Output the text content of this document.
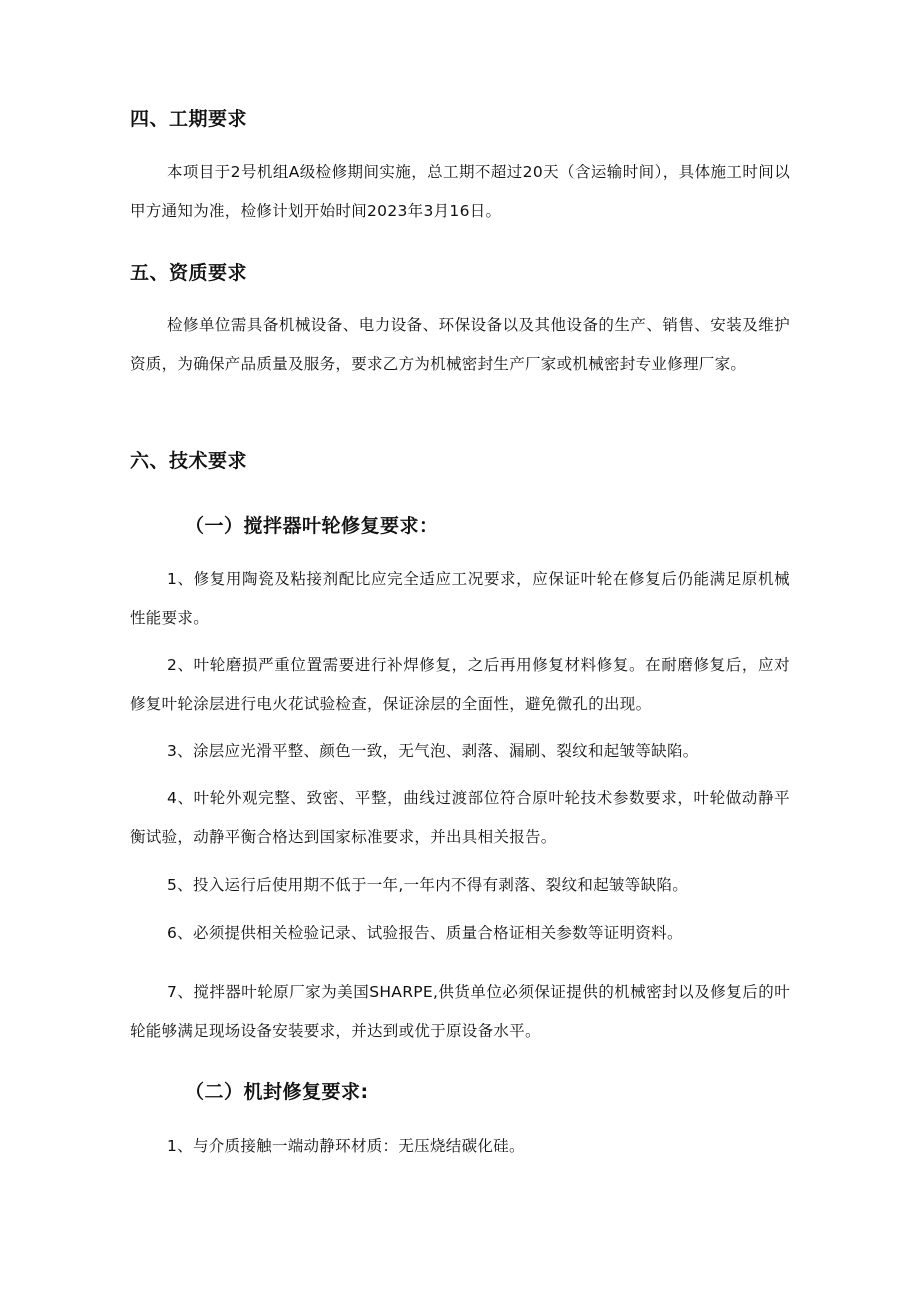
四、工期要求
本项目于2号机组A级检修期间实施，总工期不超过20天（含运输时间），具体施工时间以甲方通知为准，检修计划开始时间2023年3月16日。
五、资质要求
检修单位需具备机械设备、电力设备、环保设备以及其他设备的生产、销售、安装及维护资质，为确保产品质量及服务，要求乙方为机械密封生产厂家或机械密封专业修理厂家。
六、技术要求
（一）搅拌器叶轮修复要求：
1、修复用陶瓷及粘接剂配比应完全适应工况要求，应保证叶轮在修复后仍能满足原机械性能要求。
2、叶轮磨损严重位置需要进行补焊修复，之后再用修复材料修复。在耐磨修复后，应对修复叶轮涂层进行电火花试验检查，保证涂层的全面性，避免微孔的出现。
3、涂层应光滑平整、颜色一致，无气泡、剥落、漏刷、裂纹和起皱等缺陷。
4、叶轮外观完整、致密、平整，曲线过渡部位符合原叶轮技术参数要求，叶轮做动静平衡试验，动静平衡合格达到国家标准要求，并出具相关报告。
5、投入运行后使用期不低于一年,一年内不得有剥落、裂纹和起皱等缺陷。
6、必须提供相关检验记录、试验报告、质量合格证相关参数等证明资料。
7、搅拌器叶轮原厂家为美国SHARPE,供货单位必须保证提供的机械密封以及修复后的叶轮能够满足现场设备安装要求，并达到或优于原设备水平。
（二）机封修复要求:
1、与介质接触一端动静环材质：无压烧结碳化硅。
